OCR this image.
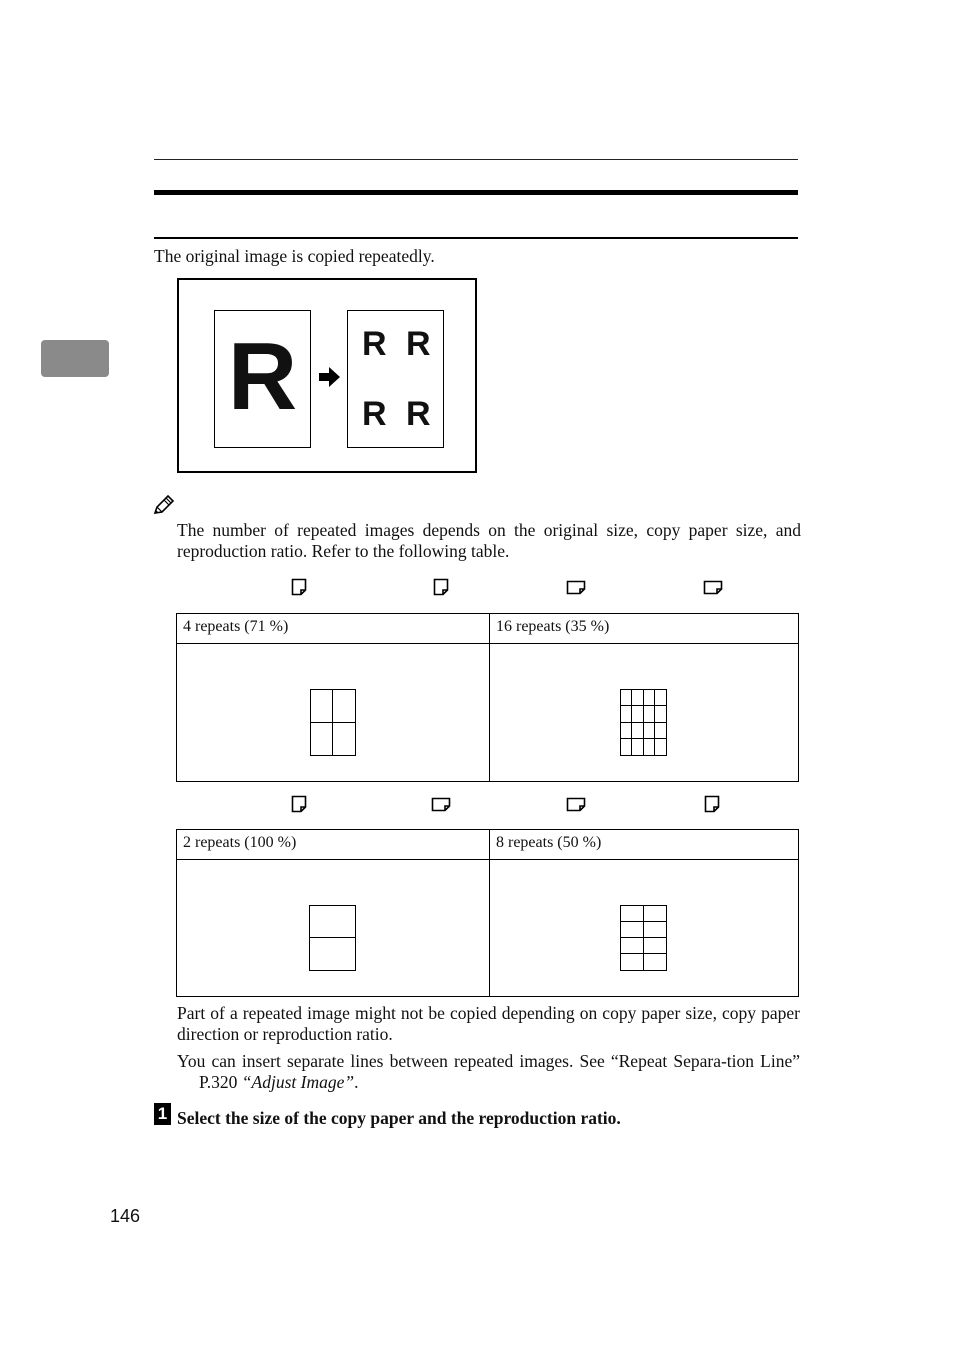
The original image is copied repeatedly.
R	R R
R R
The number of repeated images depends on the original size, copy paper size, and reproduction ratio. Refer to the following table.
4 repeats (71 %)	16 repeats (35 %)
2 repeats (100 %)	8 repeats (50 %)
Part of a repeated image might not be copied depending on copy paper size, copy paper direction or reproduction ratio.
You can insert separate lines between repeated images. See “Repeat Separa-tion Line” P.320 “Adjust Image”.
1 Select the size of the copy paper and the reproduction ratio.
146
